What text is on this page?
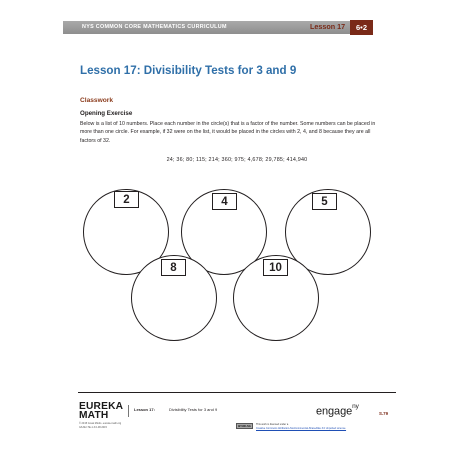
NYS COMMON CORE MATHEMATICS CURRICULUM	Lesson 17	6•2
Lesson 17: Divisibility Tests for 3 and 9
Classwork
Opening Exercise
Below is a list of 10 numbers. Place each number in the circle(s) that is a factor of the number. Some numbers can be placed in more than one circle. For example, if 32 were on the list, it would be placed in the circles with 2, 4, and 8 because they are all factors of 32.
24; 36; 80; 115; 214; 360; 975; 4,678; 29,785; 414,940
2	4	5
8	10
EUREKA
MATH
© 2015 Great Minds. eureka-math.org
G6-M2-TE-1.3.0-08.2015
Lesson 17:	Divisibility Tests for 3 and 9
BY-NC-SA	This work is licensed under a
Creative Commons Attribution-NonCommercial-ShareAlike 3.0 Unported License.
engage$^{ny}$
S.79
